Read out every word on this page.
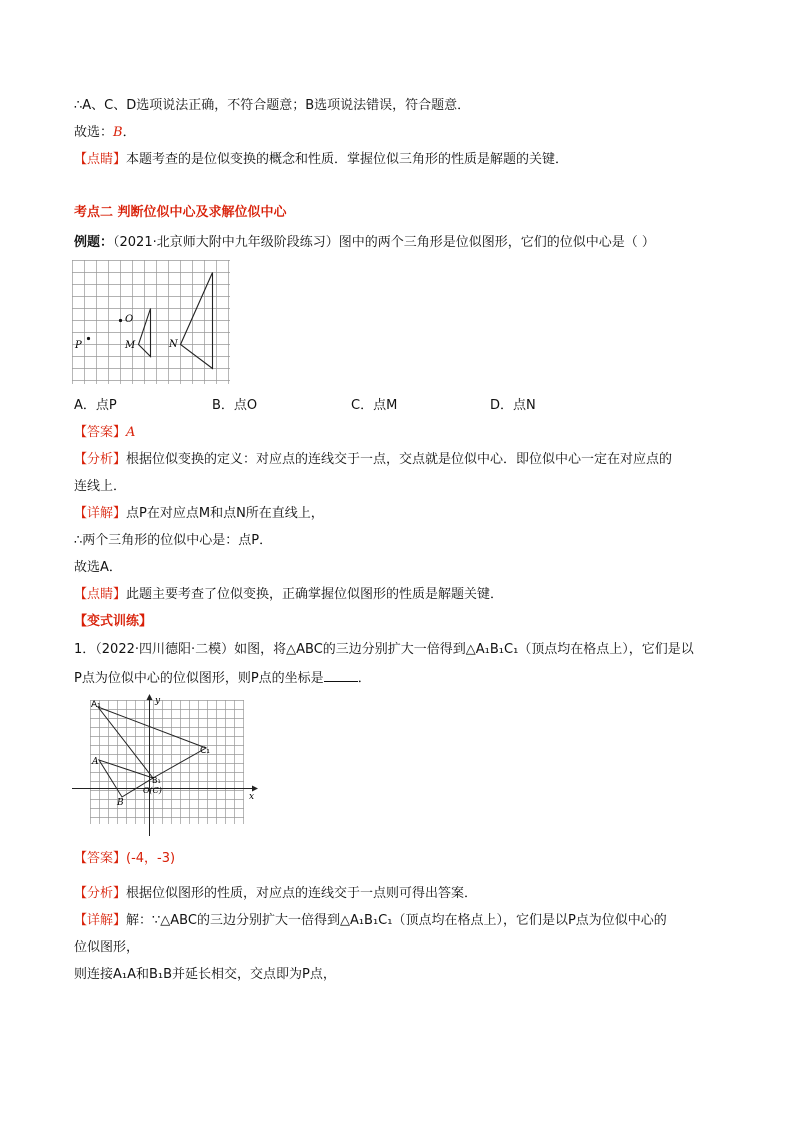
∴A、C、D选项说法正确，不符合题意；B选项说法错误，符合题意．
故选：B．
【点睛】本题考查的是位似变换的概念和性质．掌握位似三角形的性质是解题的关键．
考点二 判断位似中心及求解位似中心
例题：（2021·北京师大附中九年级阶段练习）图中的两个三角形是位似图形，它们的位似中心是（ ）
P
O
M	N
A．点P	B．点O	C．点M	D．点N
【答案】A
【分析】根据位似变换的定义：对应点的连线交于一点，交点就是位似中心．即位似中心一定在对应点的
连线上．
【详解】点P在对应点M和点N所在直线上，
∴两个三角形的位似中心是：点P．
故选A．
【点睛】此题主要考查了位似变换，正确掌握位似图形的性质是解题关键．
【变式训练】
1．（2022·四川德阳·二模）如图，将△ABC的三边分别扩大一倍得到△A₁B₁C₁（顶点均在格点上），它们是以
P点为位似中心的位似图形，则P点的坐标是	．
y
x
A₁
C₁
A
B₁
B
O(C)
【答案】(-4，-3)
【分析】根据位似图形的性质，对应点的连线交于一点则可得出答案．
【详解】解：∵△ABC的三边分别扩大一倍得到△A₁B₁C₁（顶点均在格点上），它们是以P点为位似中心的
位似图形，
则连接A₁A和B₁B并延长相交，交点即为P点，
